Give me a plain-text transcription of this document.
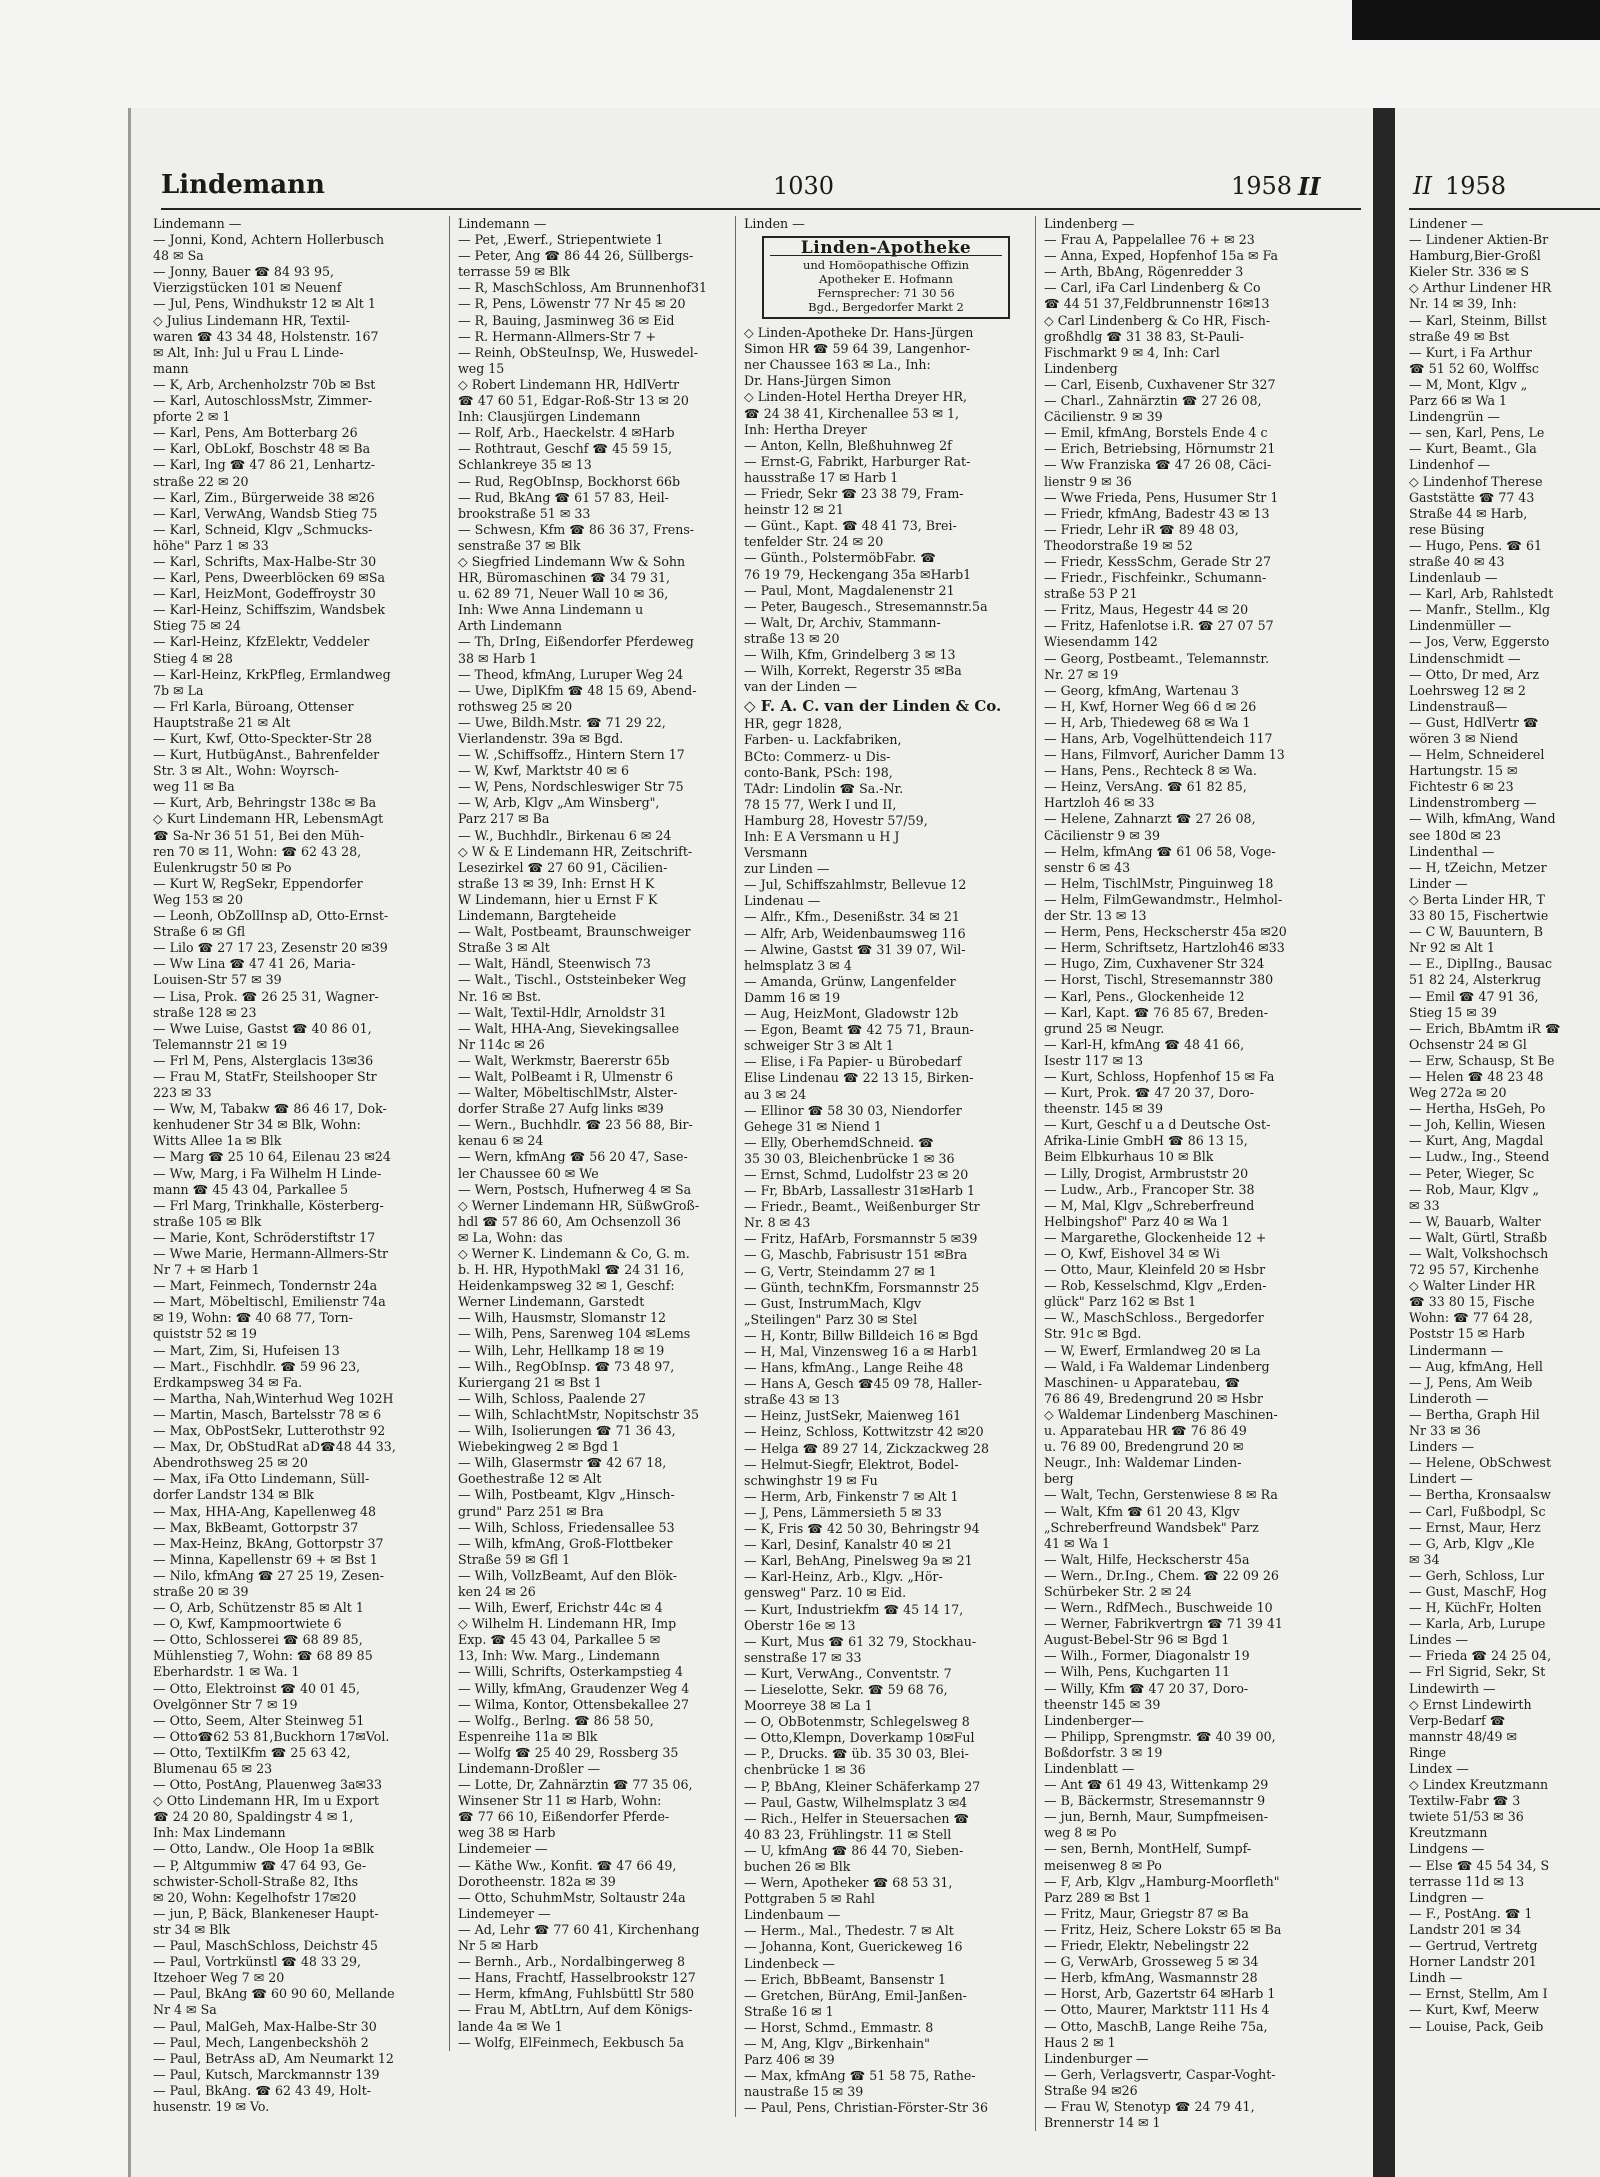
Lindemann	1030	1958 II
Lindemann —
— Jonni, Kond, Achtern Hollerbusch
48 ✉ Sa
— Jonny, Bauer ☎ 84 93 95,
Vierzigstücken 101 ✉ Neuenf
— Jul, Pens, Windhukstr 12 ✉ Alt 1
◇ Julius Lindemann HR, Textil-
waren ☎ 43 34 48, Holstenstr. 167
✉ Alt, Inh: Jul u Frau L Linde-
mann
— K, Arb, Archenholzstr 70b ✉ Bst
— Karl, AutoschlossMstr, Zimmer-
pforte 2 ✉ 1
— Karl, Pens, Am Botterbarg 26
— Karl, ObLokf, Boschstr 48 ✉ Ba
— Karl, Ing ☎ 47 86 21, Lenhartz-
straße 22 ✉ 20
— Karl, Zim., Bürgerweide 38 ✉26
— Karl, VerwAng, Wandsb Stieg 75
— Karl, Schneid, Klgv „Schmucks-
höhe" Parz 1 ✉ 33
— Karl, Schrifts, Max-Halbe-Str 30
— Karl, Pens, Dweerblöcken 69 ✉Sa
— Karl, HeizMont, Godeffroystr 30
— Karl-Heinz, Schiffszim, Wandsbek
Stieg 75 ✉ 24
— Karl-Heinz, KfzElektr, Veddeler
Stieg 4 ✉ 28
— Karl-Heinz, KrkPfleg, Ermlandweg
7b ✉ La
— Frl Karla, Büroang, Ottenser
Hauptstraße 21 ✉ Alt
— Kurt, Kwf, Otto-Speckter-Str 28
— Kurt, HutbügAnst., Bahrenfelder
Str. 3 ✉ Alt., Wohn: Woyrsch-
weg 11 ✉ Ba
— Kurt, Arb, Behringstr 138c ✉ Ba
◇ Kurt Lindemann HR, LebensmAgt
☎ Sa-Nr 36 51 51, Bei den Müh-
ren 70 ✉ 11, Wohn: ☎ 62 43 28,
Eulenkrugstr 50 ✉ Po
— Kurt W, RegSekr, Eppendorfer
Weg 153 ✉ 20
— Leonh, ObZollInsp aD, Otto-Ernst-
Straße 6 ✉ Gfl
— Lilo ☎ 27 17 23, Zesenstr 20 ✉39
— Ww Lina ☎ 47 41 26, Maria-
Louisen-Str 57 ✉ 39
— Lisa, Prok. ☎ 26 25 31, Wagner-
straße 128 ✉ 23
— Wwe Luise, Gastst ☎ 40 86 01,
Telemannstr 21 ✉ 19
— Frl M, Pens, Alsterglacis 13✉36
— Frau M, StatFr, Steilshooper Str
223 ✉ 33
— Ww, M, Tabakw ☎ 86 46 17, Dok-
kenhudener Str 34 ✉ Blk, Wohn:
Witts Allee 1a ✉ Blk
— Marg ☎ 25 10 64, Eilenau 23 ✉24
— Ww, Marg, i Fa Wilhelm H Linde-
mann ☎ 45 43 04, Parkallee 5
— Frl Marg, Trinkhalle, Kösterberg-
straße 105 ✉ Blk
— Marie, Kont, Schröderstiftstr 17
— Wwe Marie, Hermann-Allmers-Str
Nr 7 + ✉ Harb 1
— Mart, Feinmech, Tondernstr 24a
— Mart, Möbeltischl, Emilienstr 74a
✉ 19, Wohn: ☎ 40 68 77, Torn-
quiststr 52 ✉ 19
— Mart, Zim, Si, Hufeisen 13
— Mart., Fischhdlr. ☎ 59 96 23,
Erdkampsweg 34 ✉ Fa.
— Martha, Nah,Winterhud Weg 102H
— Martin, Masch, Bartelsstr 78 ✉ 6
— Max, ObPostSekr, Lutterothstr 92
— Max, Dr, ObStudRat aD☎48 44 33,
Abendrothsweg 25 ✉ 20
— Max, iFa Otto Lindemann, Süll-
dorfer Landstr 134 ✉ Blk
— Max, HHA-Ang, Kapellenweg 48
— Max, BkBeamt, Gottorpstr 37
— Max-Heinz, BkAng, Gottorpstr 37
— Minna, Kapellenstr 69 + ✉ Bst 1
— Nilo, kfmAng ☎ 27 25 19, Zesen-
straße 20 ✉ 39
— O, Arb, Schützenstr 85 ✉ Alt 1
— O, Kwf, Kampmoortwiete 6
— Otto, Schlosserei ☎ 68 89 85,
Mühlenstieg 7, Wohn: ☎ 68 89 85
Eberhardstr. 1 ✉ Wa. 1
— Otto, Elektroinst ☎ 40 01 45,
Ovelgönner Str 7 ✉ 19
— Otto, Seem, Alter Steinweg 51
— Otto☎62 53 81,Buckhorn 17✉Vol.
— Otto, TextilKfm ☎ 25 63 42,
Blumenau 65 ✉ 23
— Otto, PostAng, Plauenweg 3a✉33
◇ Otto Lindemann HR, Im u Export
☎ 24 20 80, Spaldingstr 4 ✉ 1,
Inh: Max Lindemann
— Otto, Landw., Ole Hoop 1a ✉Blk
— P, Altgummiw ☎ 47 64 93, Ge-
schwister-Scholl-Straße 82, Iths
✉ 20, Wohn: Kegelhofstr 17✉20
— jun, P, Bäck, Blankeneser Haupt-
str 34 ✉ Blk
— Paul, MaschSchloss, Deichstr 45
— Paul, Vortrkünstl ☎ 48 33 29,
Itzehoer Weg 7 ✉ 20
— Paul, BkAng ☎ 60 90 60, Mellande
Nr 4 ✉ Sa
— Paul, MalGeh, Max-Halbe-Str 30
— Paul, Mech, Langenbeckshöh 2
— Paul, BetrAss aD, Am Neumarkt 12
— Paul, Kutsch, Marckmannstr 139
— Paul, BkAng. ☎ 62 43 49, Holt-
husenstr. 19 ✉ Vo.
Lindemann —
— Pet, ‚Ewerf., Striepentwiete 1
— Peter, Ang ☎ 86 44 26, Süllbergs-
terrasse 59 ✉ Blk
— R, MaschSchloss, Am Brunnenhof31
— R, Pens, Löwenstr 77 Nr 45 ✉ 20
— R, Bauing, Jasminweg 36 ✉ Eid
— R. Hermann-Allmers-Str 7 +
— Reinh, ObSteuInsp, We, Huswedel-
weg 15
◇ Robert Lindemann HR, HdlVertr
☎ 47 60 51, Edgar-Roß-Str 13 ✉ 20
Inh: Clausjürgen Lindemann
— Rolf, Arb., Haeckelstr. 4 ✉Harb
— Rothtraut, Geschf ☎ 45 59 15,
Schlankreye 35 ✉ 13
— Rud, RegObInsp, Bockhorst 66b
— Rud, BkAng ☎ 61 57 83, Heil-
brookstraße 51 ✉ 33
— Schwesn, Kfm ☎ 86 36 37, Frens-
senstraße 37 ✉ Blk
◇ Siegfried Lindemann Ww & Sohn
HR, Büromaschinen ☎ 34 79 31,
u. 62 89 71, Neuer Wall 10 ✉ 36,
Inh: Wwe Anna Lindemann u
Arth Lindemann
— Th, DrIng, Eißendorfer Pferdeweg
38 ✉ Harb 1
— Theod, kfmAng, Luruper Weg 24
— Uwe, DiplKfm ☎ 48 15 69, Abend-
rothsweg 25 ✉ 20
— Uwe, Bildh.Mstr. ☎ 71 29 22,
Vierlandenstr. 39a ✉ Bgd.
— W. ‚Schiffsoffz., Hintern Stern 17
— W, Kwf, Marktstr 40 ✉ 6
— W, Pens, Nordschleswiger Str 75
— W, Arb, Klgv „Am Winsberg",
Parz 217 ✉ Ba
— W., Buchhdlr., Birkenau 6 ✉ 24
◇ W & E Lindemann HR, Zeitschrift-
Lesezirkel ☎ 27 60 91, Cäcilien-
straße 13 ✉ 39, Inh: Ernst H K
W Lindemann, hier u Ernst F K
Lindemann, Bargteheide
— Walt, Postbeamt, Braunschweiger
Straße 3 ✉ Alt
— Walt, Händl, Steenwisch 73
— Walt., Tischl., Oststeinbeker Weg
Nr. 16 ✉ Bst.
— Walt, Textil-Hdlr, Arnoldstr 31
— Walt, HHA-Ang, Sievekingsallee
Nr 114c ✉ 26
— Walt, Werkmstr, Baererstr 65b
— Walt, PolBeamt i R, Ulmenstr 6
— Walter, MöbeltischlMstr, Alster-
dorfer Straße 27 Aufg links ✉39
— Wern., Buchhdlr. ☎ 23 56 88, Bir-
kenau 6 ✉ 24
— Wern, kfmAng ☎ 56 20 47, Sase-
ler Chaussee 60 ✉ We
— Wern, Postsch, Hufnerweg 4 ✉ Sa
◇ Werner Lindemann HR, SüßwGroß-
hdl ☎ 57 86 60, Am Ochsenzoll 36
✉ La, Wohn: das
◇ Werner K. Lindemann & Co, G. m.
b. H. HR, HypothMakl ☎ 24 31 16,
Heidenkampsweg 32 ✉ 1, Geschf:
Werner Lindemann, Garstedt
— Wilh, Hausmstr, Slomanstr 12
— Wilh, Pens, Sarenweg 104 ✉Lems
— Wilh, Lehr, Hellkamp 18 ✉ 19
— Wilh., RegObInsp. ☎ 73 48 97,
Kuriergang 21 ✉ Bst 1
— Wilh, Schloss, Paalende 27
— Wilh, SchlachtMstr, Nopitschstr 35
— Wilh, Isolierungen ☎ 71 36 43,
Wiebekingweg 2 ✉ Bgd 1
— Wilh, Glasermstr ☎ 42 67 18,
Goethestraße 12 ✉ Alt
— Wilh, Postbeamt, Klgv „Hinsch-
grund" Parz 251 ✉ Bra
— Wilh, Schloss, Friedensallee 53
— Wilh, kfmAng, Groß-Flottbeker
Straße 59 ✉ Gfl 1
— Wilh, VollzBeamt, Auf den Blök-
ken 24 ✉ 26
— Wilh, Ewerf, Erichstr 44c ✉ 4
◇ Wilhelm H. Lindemann HR, Imp
Exp. ☎ 45 43 04, Parkallee 5 ✉
13, Inh: Ww. Marg., Lindemann
— Willi, Schrifts, Osterkampstieg 4
— Willy, kfmAng, Graudenzer Weg 4
— Wilma, Kontor, Ottensbekallee 27
— Wolfg., Berlng. ☎ 86 58 50,
Espenreihe 11a ✉ Blk
— Wolfg ☎ 25 40 29, Rossberg 35
Lindemann-Droßler —
— Lotte, Dr, Zahnärztin ☎ 77 35 06,
Winsener Str 11 ✉ Harb, Wohn:
☎ 77 66 10, Eißendorfer Pferde-
weg 38 ✉ Harb
Lindemeier —
— Käthe Ww., Konfit. ☎ 47 66 49,
Dorotheenstr. 182a ✉ 39
— Otto, SchuhmMstr, Soltaustr 24a
Lindemeyer —
— Ad, Lehr ☎ 77 60 41, Kirchenhang
Nr 5 ✉ Harb
— Bernh., Arb., Nordalbingerweg 8
— Hans, Frachtf, Hasselbrookstr 127
— Herm, kfmAng, Fuhlsbüttl Str 580
— Frau M, AbtLtrn, Auf dem Königs-
lande 4a ✉ We 1
— Wolfg, ElFeinmech, Eekbusch 5a
Linden —
Linden-Apotheke
und Homöopathische Offizin
Apotheker E. Hofmann
Fernsprecher: 71 30 56
Bgd., Bergedorfer Markt 2
◇ Linden-Apotheke Dr. Hans-Jürgen
Simon HR ☎ 59 64 39, Langenhor-
ner Chaussee 163 ✉ La., Inh:
Dr. Hans-Jürgen Simon
◇ Linden-Hotel Hertha Dreyer HR,
☎ 24 38 41, Kirchenallee 53 ✉ 1,
Inh: Hertha Dreyer
— Anton, Kelln, Bleßhuhnweg 2f
— Ernst-G, Fabrikt, Harburger Rat-
hausstraße 17 ✉ Harb 1
— Friedr, Sekr ☎ 23 38 79, Fram-
heinstr 12 ✉ 21
— Günt., Kapt. ☎ 48 41 73, Brei-
tenfelder Str. 24 ✉ 20
— Günth., PolstermöbFabr. ☎
76 19 79, Heckengang 35a ✉Harb1
— Paul, Mont, Magdalenenstr 21
— Peter, Baugesch., Stresemannstr.5a
— Walt, Dr, Archiv, Stammann-
straße 13 ✉ 20
— Wilh, Kfm, Grindelberg 3 ✉ 13
— Wilh, Korrekt, Regerstr 35 ✉Ba
van der Linden —
◇ F. A. C. van der Linden & Co.
HR, gegr 1828,
Farben- u. Lackfabriken,
BCto: Commerz- u Dis-
conto-Bank, PSch: 198,
TAdr: Lindolin ☎ Sa.-Nr.
78 15 77, Werk I und II,
Hamburg 28, Hovestr 57/59,
Inh: E A Versmann u H J
Versmann
zur Linden —
— Jul, Schiffszahlmstr, Bellevue 12
Lindenau —
— Alfr., Kfm., Desenißstr. 34 ✉ 21
— Alfr, Arb, Weidenbaumsweg 116
— Alwine, Gastst ☎ 31 39 07, Wil-
helmsplatz 3 ✉ 4
— Amanda, Grünw, Langenfelder
Damm 16 ✉ 19
— Aug, HeizMont, Gladowstr 12b
— Egon, Beamt ☎ 42 75 71, Braun-
schweiger Str 3 ✉ Alt 1
— Elise, i Fa Papier- u Bürobedarf
Elise Lindenau ☎ 22 13 15, Birken-
au 3 ✉ 24
— Ellinor ☎ 58 30 03, Niendorfer
Gehege 31 ✉ Niend 1
— Elly, OberhemdSchneid. ☎
35 30 03, Bleichenbrücke 1 ✉ 36
— Ernst, Schmd, Ludolfstr 23 ✉ 20
— Fr, BbArb, Lassallestr 31✉Harb 1
— Friedr., Beamt., Weißenburger Str
Nr. 8 ✉ 43
— Fritz, HafArb, Forsmannstr 5 ✉39
— G, Maschb, Fabrisustr 151 ✉Bra
— G, Vertr, Steindamm 27 ✉ 1
— Günth, technKfm, Forsmannstr 25
— Gust, InstrumMach, Klgv
„Steilingen" Parz 30 ✉ Stel
— H, Kontr, Billw Billdeich 16 ✉ Bgd
— H, Mal, Vinzensweg 16 a ✉ Harb1
— Hans, kfmAng., Lange Reihe 48
— Hans A, Gesch ☎45 09 78, Haller-
straße 43 ✉ 13
— Heinz, JustSekr, Maienweg 161
— Heinz, Schloss, Kottwitzstr 42 ✉20
— Helga ☎ 89 27 14, Zickzackweg 28
— Helmut-Siegfr, Elektrot, Bodel-
schwinghstr 19 ✉ Fu
— Herm, Arb, Finkenstr 7 ✉ Alt 1
— J, Pens, Lämmersieth 5 ✉ 33
— K, Fris ☎ 42 50 30, Behringstr 94
— Karl, Desinf, Kanalstr 40 ✉ 21
— Karl, BehAng, Pinelsweg 9a ✉ 21
— Karl-Heinz, Arb., Klgv. „Hör-
gensweg" Parz. 10 ✉ Eid.
— Kurt, Industriekfm ☎ 45 14 17,
Oberstr 16e ✉ 13
— Kurt, Mus ☎ 61 32 79, Stockhau-
senstraße 17 ✉ 33
— Kurt, VerwAng., Conventstr. 7
— Lieselotte, Sekr. ☎ 59 68 76,
Moorreye 38 ✉ La 1
— O, ObBotenmstr, Schlegelsweg 8
— Otto,Klempn, Doverkamp 10✉Ful
— P., Drucks. ☎ üb. 35 30 03, Blei-
chenbrücke 1 ✉ 36
— P, BbAng, Kleiner Schäferkamp 27
— Paul, Gastw, Wilhelmsplatz 3 ✉4
— Rich., Helfer in Steuersachen ☎
40 83 23, Frühlingstr. 11 ✉ Stell
— U, kfmAng ☎ 86 44 70, Sieben-
buchen 26 ✉ Blk
— Wern, Apotheker ☎ 68 53 31,
Pottgraben 5 ✉ Rahl
Lindenbaum —
— Herm., Mal., Thedestr. 7 ✉ Alt
— Johanna, Kont, Guerickeweg 16
Lindenbeck —
— Erich, BbBeamt, Bansenstr 1
— Gretchen, BürAng, Emil-Janßen-
Straße 16 ✉ 1
— Horst, Schmd., Emmastr. 8
— M, Ang, Klgv „Birkenhain"
Parz 406 ✉ 39
— Max, kfmAng ☎ 51 58 75, Rathe-
naustraße 15 ✉ 39
— Paul, Pens, Christian-Förster-Str 36
Lindenberg —
— Frau A, Pappelallee 76 + ✉ 23
— Anna, Exped, Hopfenhof 15a ✉ Fa
— Arth, BbAng, Rögenredder 3
— Carl, iFa Carl Lindenberg & Co
☎ 44 51 37,Feldbrunnenstr 16✉13
◇ Carl Lindenberg & Co HR, Fisch-
großhdlg ☎ 31 38 83, St-Pauli-
Fischmarkt 9 ✉ 4, Inh: Carl
Lindenberg
— Carl, Eisenb, Cuxhavener Str 327
— Charl., Zahnärztin ☎ 27 26 08,
Cäcilienstr. 9 ✉ 39
— Emil, kfmAng, Borstels Ende 4 c
— Erich, Betriebsing, Hörnumstr 21
— Ww Franziska ☎ 47 26 08, Cäci-
lienstr 9 ✉ 36
— Wwe Frieda, Pens, Husumer Str 1
— Friedr, kfmAng, Badestr 43 ✉ 13
— Friedr, Lehr iR ☎ 89 48 03,
Theodorstraße 19 ✉ 52
— Friedr, KessSchm, Gerade Str 27
— Friedr., Fischfeinkr., Schumann-
straße 53 P 21
— Fritz, Maus, Hegestr 44 ✉ 20
— Fritz, Hafenlotse i.R. ☎ 27 07 57
Wiesendamm 142
— Georg, Postbeamt., Telemannstr.
Nr. 27 ✉ 19
— Georg, kfmAng, Wartenau 3
— H, Kwf, Horner Weg 66 d ✉ 26
— H, Arb, Thiedeweg 68 ✉ Wa 1
— Hans, Arb, Vogelhüttendeich 117
— Hans, Filmvorf, Auricher Damm 13
— Hans, Pens., Rechteck 8 ✉ Wa.
— Heinz, VersAng. ☎ 61 82 85,
Hartzloh 46 ✉ 33
— Helene, Zahnarzt ☎ 27 26 08,
Cäcilienstr 9 ✉ 39
— Helm, kfmAng ☎ 61 06 58, Voge-
senstr 6 ✉ 43
— Helm, TischlMstr, Pinguinweg 18
— Helm, FilmGewandmstr., Helmhol-
der Str. 13 ✉ 13
— Herm, Pens, Heckscherstr 45a ✉20
— Herm, Schriftsetz, Hartzloh46 ✉33
— Hugo, Zim, Cuxhavener Str 324
— Horst, Tischl, Stresemannstr 380
— Karl, Pens., Glockenheide 12
— Karl, Kapt. ☎ 76 85 67, Breden-
grund 25 ✉ Neugr.
— Karl-H, kfmAng ☎ 48 41 66,
Isestr 117 ✉ 13
— Kurt, Schloss, Hopfenhof 15 ✉ Fa
— Kurt, Prok. ☎ 47 20 37, Doro-
theenstr. 145 ✉ 39
— Kurt, Geschf u a d Deutsche Ost-
Afrika-Linie GmbH ☎ 86 13 15,
Beim Elbkurhaus 10 ✉ Blk
— Lilly, Drogist, Armbruststr 20
— Ludw., Arb., Francoper Str. 38
— M, Mal, Klgv „Schreberfreund
Helbingshof" Parz 40 ✉ Wa 1
— Margarethe, Glockenheide 12 +
— O, Kwf, Eishovel 34 ✉ Wi
— Otto, Maur, Kleinfeld 20 ✉ Hsbr
— Rob, Kesselschmd, Klgv „Erden-
glück" Parz 162 ✉ Bst 1
— W., MaschSchloss., Bergedorfer
Str. 91c ✉ Bgd.
— W, Ewerf, Ermlandweg 20 ✉ La
— Wald, i Fa Waldemar Lindenberg
Maschinen- u Apparatebau, ☎
76 86 49, Bredengrund 20 ✉ Hsbr
◇ Waldemar Lindenberg Maschinen-
u. Apparatebau HR ☎ 76 86 49
u. 76 89 00, Bredengrund 20 ✉
Neugr., Inh: Waldemar Linden-
berg
— Walt, Techn, Gerstenwiese 8 ✉ Ra
— Walt, Kfm ☎ 61 20 43, Klgv
„Schreberfreund Wandsbek" Parz
41 ✉ Wa 1
— Walt, Hilfe, Heckscherstr 45a
— Wern., Dr.Ing., Chem. ☎ 22 09 26
Schürbeker Str. 2 ✉ 24
— Wern., RdfMech., Buschweide 10
— Werner, Fabrikvertrgn ☎ 71 39 41
August-Bebel-Str 96 ✉ Bgd 1
— Wilh., Former, Diagonalstr 19
— Wilh, Pens, Kuchgarten 11
— Willy, Kfm ☎ 47 20 37, Doro-
theenstr 145 ✉ 39
Lindenberger—
— Philipp, Sprengmstr. ☎ 40 39 00,
Boßdorfstr. 3 ✉ 19
Lindenblatt —
— Ant ☎ 61 49 43, Wittenkamp 29
— B, Bäckermstr, Stresemannstr 9
— jun, Bernh, Maur, Sumpfmeisen-
weg 8 ✉ Po
— sen, Bernh, MontHelf, Sumpf-
meisenweg 8 ✉ Po
— F, Arb, Klgv „Hamburg-Moorfleth"
Parz 289 ✉ Bst 1
— Fritz, Maur, Griegstr 87 ✉ Ba
— Fritz, Heiz, Schere Lokstr 65 ✉ Ba
— Friedr, Elektr, Nebelingstr 22
— G, VerwArb, Grosseweg 5 ✉ 34
— Herb, kfmAng, Wasmannstr 28
— Horst, Arb, Gazertstr 64 ✉Harb 1
— Otto, Maurer, Marktstr 111 Hs 4
— Otto, MaschB, Lange Reihe 75a,
Haus 2 ✉ 1
Lindenburger —
— Gerh, Verlagsvertr, Caspar-Voght-
Straße 94 ✉26
— Frau W, Stenotyp ☎ 24 79 41,
Brennerstr 14 ✉ 1
II 1958
Lindener —
— Lindener Aktien-Br
Hamburg,Bier-Großl
Kieler Str. 336 ✉ S
◇ Arthur Lindener HR
Nr. 14 ✉ 39, Inh:
— Karl, Steinm, Billst
straße 49 ✉ Bst
— Kurt, i Fa Arthur
☎ 51 52 60, Wolffsc
— M, Mont, Klgv „
Parz 66 ✉ Wa 1
Lindengrün —
— sen, Karl, Pens, Le
— Kurt, Beamt., Gla
Lindenhof —
◇ Lindenhof Therese
Gaststätte ☎ 77 43
Straße 44 ✉ Harb,
rese Büsing
— Hugo, Pens. ☎ 61
straße 40 ✉ 43
Lindenlaub —
— Karl, Arb, Rahlstedt
— Manfr., Stellm., Klg
Lindenmüller —
— Jos, Verw, Eggersto
Lindenschmidt —
— Otto, Dr med, Arz
Loehrsweg 12 ✉ 2
Lindenstrauß—
— Gust, HdlVertr ☎
wören 3 ✉ Niend
— Helm, Schneiderel
Hartungstr. 15 ✉
Fichtestr 6 ✉ 23
Lindenstromberg —
— Wilh, kfmAng, Wand
see 180d ✉ 23
Lindenthal —
— H, tZeichn, Metzer
Linder —
◇ Berta Linder HR, T
33 80 15, Fischertwie
— C W, Bauuntern, B
Nr 92 ✉ Alt 1
— E., DiplIng., Bausac
51 82 24, Alsterkrug
— Emil ☎ 47 91 36,
Stieg 15 ✉ 39
— Erich, BbAmtm iR ☎
Ochsenstr 24 ✉ Gl
— Erw, Schausp, St Be
— Helen ☎ 48 23 48
Weg 272a ✉ 20
— Hertha, HsGeh, Po
— Joh, Kellin, Wiesen
— Kurt, Ang, Magdal
— Ludw., Ing., Steend
— Peter, Wieger, Sc
— Rob, Maur, Klgv „
✉ 33
— W, Bauarb, Walter
— Walt, Gürtl, Straßb
— Walt, Volkshochsch
72 95 57, Kirchenhe
◇ Walter Linder HR
☎ 33 80 15, Fische
Wohn: ☎ 77 64 28,
Poststr 15 ✉ Harb
Lindermann —
— Aug, kfmAng, Hell
— J, Pens, Am Weib
Linderoth —
— Bertha, Graph Hil
Nr 33 ✉ 36
Linders —
— Helene, ObSchwest
Lindert —
— Bertha, Kronsaalsw
— Carl, Fußbodpl, Sc
— Ernst, Maur, Herz
— G, Arb, Klgv „Kle
✉ 34
— Gerh, Schloss, Lur
— Gust, MaschF, Hog
— H, KüchFr, Holten
— Karla, Arb, Lurupe
Lindes —
— Frieda ☎ 24 25 04,
— Frl Sigrid, Sekr, St
Lindewirth —
◇ Ernst Lindewirth
Verp-Bedarf ☎
mannstr 48/49 ✉
Ringe
Lindex —
◇ Lindex Kreutzmann
Textilw-Fabr ☎ 3
twiete 51/53 ✉ 36
Kreutzmann
Lindgens —
— Else ☎ 45 54 34, S
terrasse 11d ✉ 13
Lindgren —
— F., PostAng. ☎ 1
Landstr 201 ✉ 34
— Gertrud, Vertretg
Horner Landstr 201
Lindh —
— Ernst, Stellm, Am I
— Kurt, Kwf, Meerw
— Louise, Pack, Geib
